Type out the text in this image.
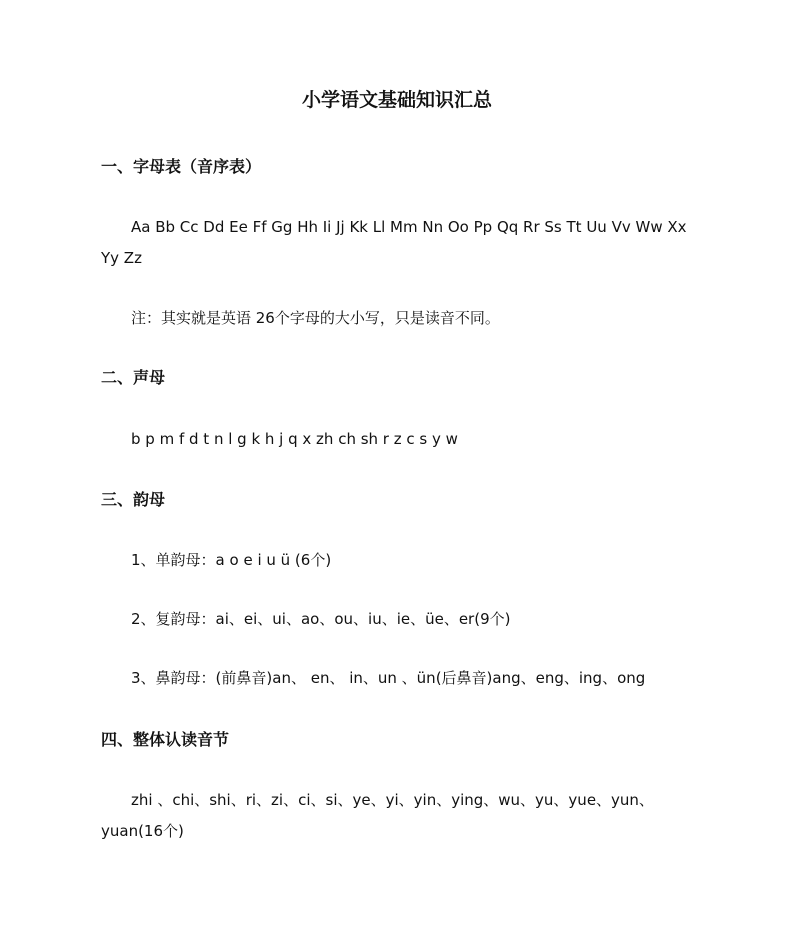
小学语文基础知识汇总
一、字母表（音序表）
Aa Bb Cc Dd Ee Ff Gg Hh Ii Jj Kk Ll Mm Nn Oo Pp Qq Rr Ss Tt Uu Vv Ww Xx Yy Zz
注：其实就是英语 26个字母的大小写，只是读音不同。
二、声母
b p m f d t n l g k h j q x zh ch sh r z c s y w
三、韵母
1、单韵母：a o e i u ü (6个)
2、复韵母：ai、ei、ui、ao、ou、iu、ie、üe、er(9个)
3、鼻韵母：(前鼻音)an、 en、 in、un 、ün(后鼻音)ang、eng、ing、ong
四、整体认读音节
zhi 、chi、shi、ri、zi、ci、si、ye、yi、yin、ying、wu、yu、yue、yun、yuan(16个)
